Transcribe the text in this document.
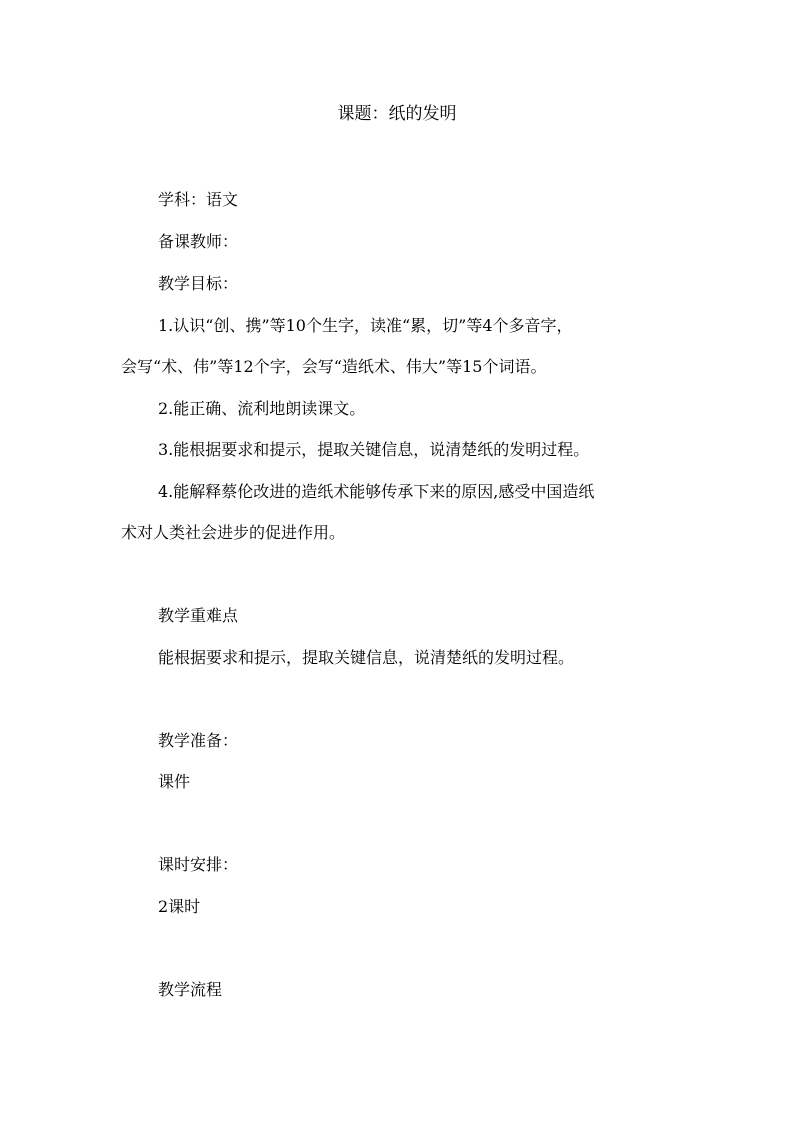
课题：纸的发明

学科：语文

备课教师：

教学目标：

1.认识“创、携”等10个生字，读准“累，切”等4个多音字，

会写“术、伟”等12个字，会写“造纸术、伟大”等15个词语。

2.能正确、流利地朗读课文。

3.能根据要求和提示，提取关键信息，说清楚纸的发明过程。

4.能解释蔡伦改进的造纸术能够传承下来的原因,感受中国造纸

术对人类社会进步的促进作用。

教学重难点

能根据要求和提示，提取关键信息，说清楚纸的发明过程。

教学准备：

课件

课时安排：

2课时

教学流程
